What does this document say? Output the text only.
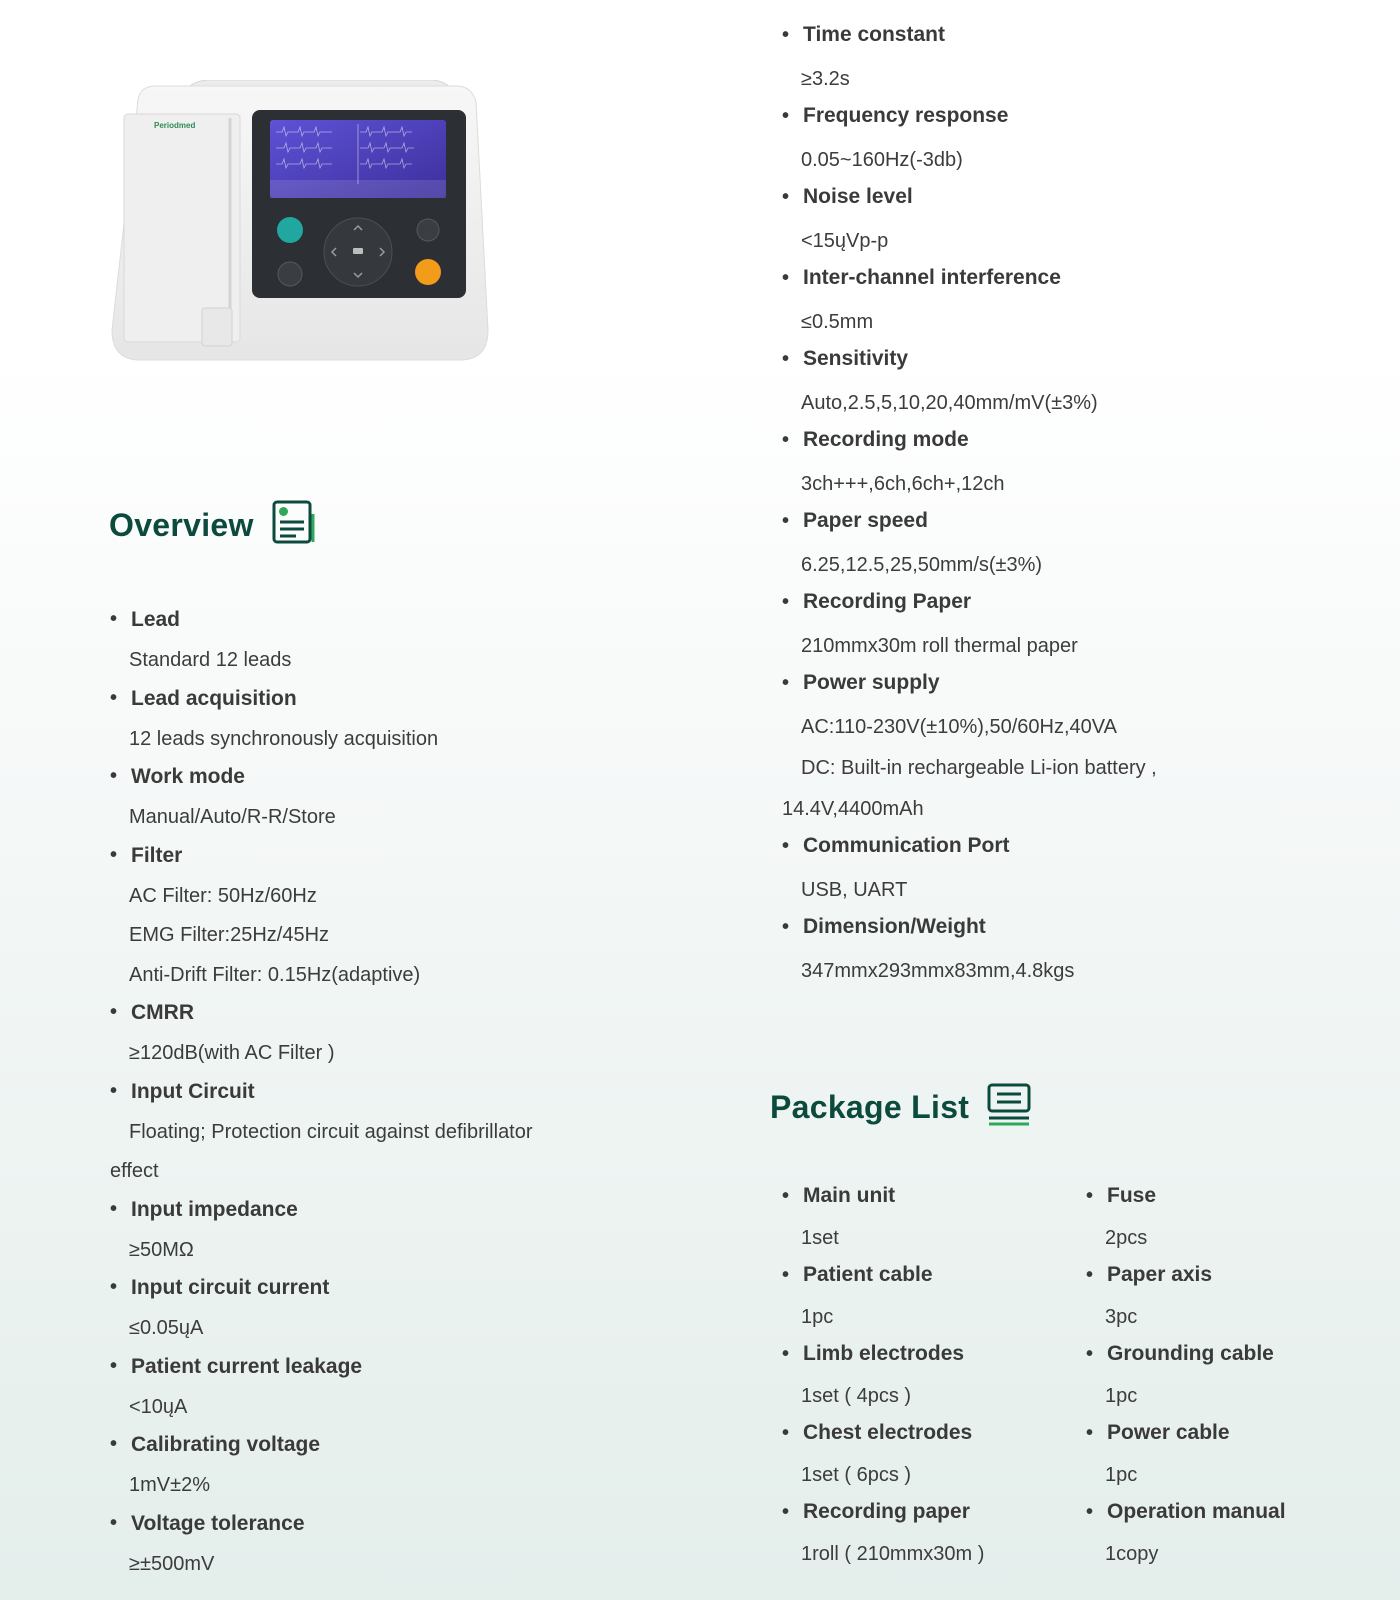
Periodmed
Overview
• Lead
Standard 12 leads
• Lead acquisition
12 leads synchronously acquisition
• Work mode
Manual/Auto/R-R/Store
• Filter
AC Filter: 50Hz/60Hz
EMG Filter:25Hz/45Hz
Anti-Drift Filter: 0.15Hz(adaptive)
• CMRR
≥120dB(with AC Filter )
• Input Circuit
Floating; Protection circuit against defibrillator
effect
• Input impedance
≥50MΩ
• Input circuit current
≤0.05ųA
• Patient current leakage
<10ųA
• Calibrating voltage
1mV±2%
• Voltage tolerance
≥±500mV
• Time constant
≥3.2s
• Frequency response
0.05~160Hz(-3db)
• Noise level
<15ųVp-p
• Inter-channel interference
≤0.5mm
• Sensitivity
Auto,2.5,5,10,20,40mm/mV(±3%)
• Recording mode
3ch+++,6ch,6ch+,12ch
• Paper speed
6.25,12.5,25,50mm/s(±3%)
• Recording Paper
210mmx30m roll thermal paper
• Power supply
AC:110-230V(±10%),50/60Hz,40VA
DC: Built-in rechargeable Li-ion battery ,
14.4V,4400mAh
• Communication Port
USB, UART
• Dimension/Weight
347mmx293mmx83mm,4.8kgs
Package List
• Main unit
1set
• Patient cable
1pc
• Limb electrodes
1set ( 4pcs )
• Chest electrodes
1set ( 6pcs )
• Recording paper
1roll ( 210mmx30m )
• Fuse
2pcs
• Paper axis
3pc
• Grounding cable
1pc
• Power cable
1pc
• Operation manual
1copy
